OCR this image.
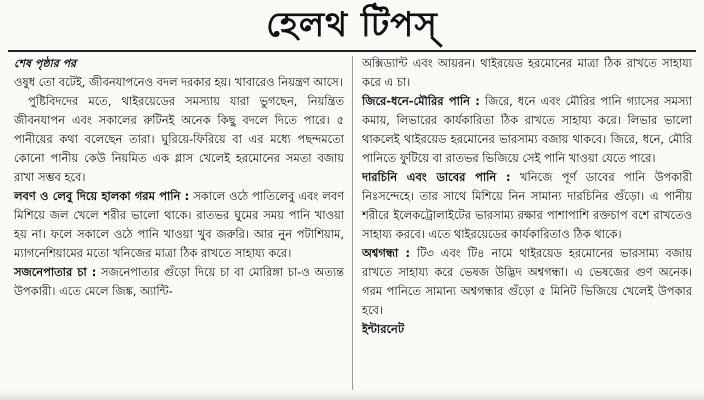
হেলথ টিপস্‌

শেষ পৃষ্ঠার পর

ওষুধ তো বটেই, জীবনযাপনেও বদল দরকার হয়। খাবারেও নিয়ন্ত্রণ আসে।

পুষ্টিবিদদের মতে, থাইরয়েডের সমস্যায় যারা ভুগছেন, নিয়ন্ত্রিত জীবনযাপন এবং সকালের রুটিনই অনেক কিছু বদলে দিতে পারে। ৫ পানীয়ের কথা বলেছেন তারা। ঘুরিয়ে-ফিরিয়ে বা এর মধ্যে পছন্দমতো কোনো পানীয় কেউ নিয়মিত এক গ্লাস খেলেই হরমোনের সমতা বজায় রাখা সম্ভব হবে।

লবণ ও লেবু দিয়ে হালকা গরম পানি : সকালে ওঠে পাতিলেবু এবং লবণ মিশিয়ে জল খেলে শরীর ভালো থাকে। রাতভর ঘুমের সময় পানি খাওয়া হয় না। ফলে সকালে ওঠে পানি খাওয়া খুব জরুরি। আর নুন পটাশিয়াম, ম্যাগনেশিয়ামের মতো খনিজের মাত্রা ঠিক রাখতে সাহায্য করে।

সজনেপাতার চা : সজনেপাতার গুঁড়ো দিয়ে চা বা মোরিঙ্গা চা-ও অত্যন্ত উপকারী। এতে মেলে জিঙ্ক, অ্যান্টি-

অক্সিড্যান্ট এবং আয়রন। থাইরয়েড হরমোনের মাত্রা ঠিক রাখতে সাহায্য করে এ চা।

জিরে-ধনে-মৌরির পানি : জিরে, ধনে এবং মৌরির পানি গ্যাসের সমস্যা কমায়, লিভারের কার্যকারিতা ঠিক রাখতে সাহায্য করে। লিভার ভালো থাকলেই থাইরয়েড হরমোনের ভারসাম্য বজায় থাকবে। জিরে, ধনে, মৌরি পানিতে ফুটিয়ে বা রাতভর ভিজিয়ে সেই পানি খাওয়া যেতে পারে।

দারচিনি এবং ডাবের পানি : খনিজে পূর্ণ ডাবের পানি উপকারী নিঃসন্দেহে। তার সাথে মিশিয়ে নিন সামান্য দারচিনির গুঁড়ো। এ পানীয় শরীরে ইলেকট্রোলাইটের ভারসাম্য রক্ষার পাশাপাশি রক্তচাপ বশে রাখতেও সাহায্য করবে। এতে থাইরয়েডের কার্যকারিতাও ঠিক থাকে।

অশ্বগন্ধা : টি৩ এবং টি৪ নামে থাইরয়েড হরমোনের ভারসাম্য বজায় রাখতে সাহায্য করে ভেষজ উদ্ভিদ অশ্বগন্ধা। এ ভেষজের গুণ অনেক। গরম পানিতে সামান্য অশ্বগন্ধার গুঁড়ো ৫ মিনিট ভিজিয়ে খেলেই উপকার হবে।

ইন্টারনেট
